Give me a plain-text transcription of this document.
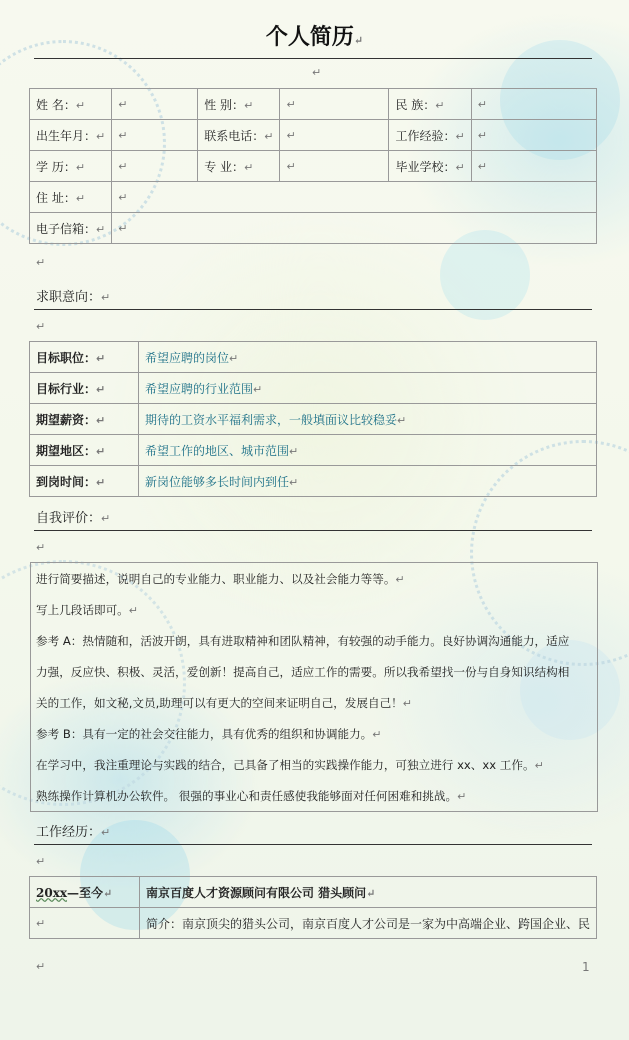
个人简历↵
↵
姓 名：↵	↵	性 别：↵	↵	民 族：↵	↵
出生年月：↵	↵	联系电话：↵	↵	工作经验：↵	↵
学 历：↵	↵	专 业：↵	↵	毕业学校：↵	↵
住 址：↵	↵				
电子信箱：↵	↵				
↵
求职意向：↵
↵
目标职位：↵	希望应聘的岗位↵
目标行业：↵	希望应聘的行业范围↵
期望薪资：↵	期待的工资水平福利需求，一般填面议比较稳妥↵
期望地区：↵	希望工作的地区、城市范围↵
到岗时间：↵	新岗位能够多长时间内到任↵
自我评价：↵
↵
进行简要描述，说明自己的专业能力、职业能力、以及社会能力等等。↵
写上几段话即可。↵
参考 A：热情随和，活波开朗，具有进取精神和团队精神，有较强的动手能力。良好协调沟通能力，适应
力强，反应快、积极、灵活，爱创新！提高自己，适应工作的需要。所以我希望找一份与自身知识结构相
关的工作，如文秘,文员,助理可以有更大的空间来证明自己，发展自己！↵
参考 B：具有一定的社会交往能力，具有优秀的组织和协调能力。↵
在学习中，我注重理论与实践的结合，己具备了相当的实践操作能力，可独立进行 xx、xx 工作。↵
熟练操作计算机办公软件。 很强的事业心和责任感使我能够面对任何困难和挑战。↵
工作经历：↵
↵
20xx—至今↵	南京百度人才资源顾问有限公司 猎头顾问↵
↵	简介：南京顶尖的猎头公司，南京百度人才公司是一家为中高端企业、跨国企业、民
↵	1
